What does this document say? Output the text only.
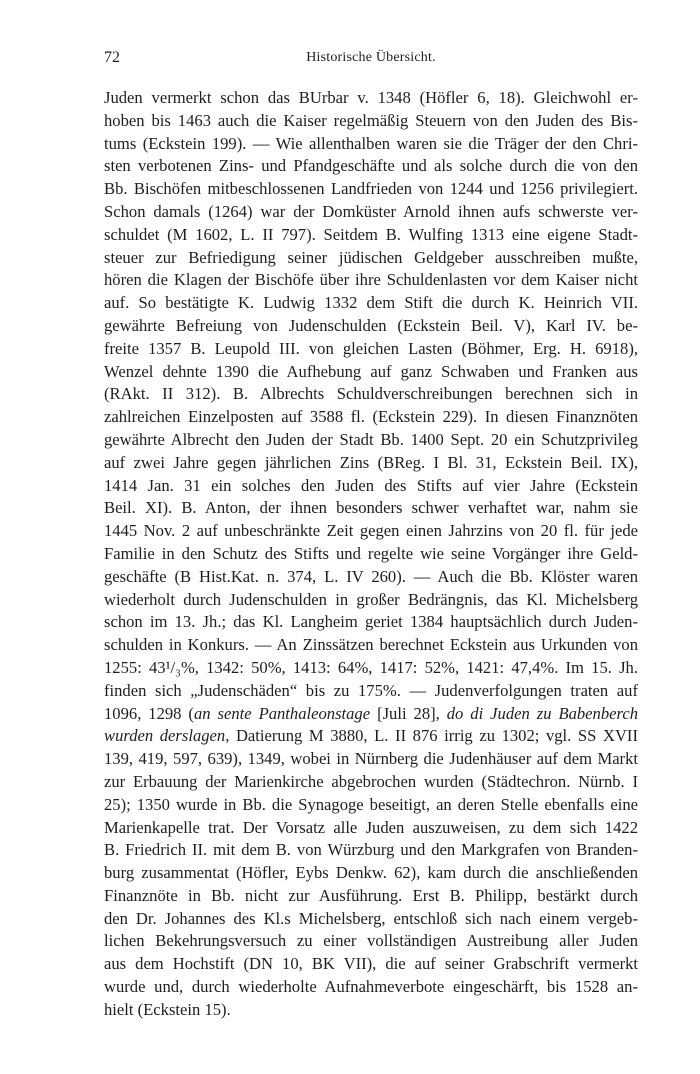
72	Historische Übersicht.
Juden vermerkt schon das BUrbar v. 1348 (Höfler 6, 18). Gleichwohl er-
hoben bis 1463 auch die Kaiser regelmäßig Steuern von den Juden des Bis-
tums (Eckstein 199). — Wie allenthalben waren sie die Träger der den Chri-
sten verbotenen Zins- und Pfandgeschäfte und als solche durch die von den
Bb. Bischöfen mitbeschlossenen Landfrieden von 1244 und 1256 privilegiert.
Schon damals (1264) war der Domküster Arnold ihnen aufs schwerste ver-
schuldet (M 1602, L. II 797). Seitdem B. Wulfing 1313 eine eigene Stadt-
steuer zur Befriedigung seiner jüdischen Geldgeber ausschreiben mußte,
hören die Klagen der Bischöfe über ihre Schuldenlasten vor dem Kaiser nicht
auf. So bestätigte K. Ludwig 1332 dem Stift die durch K. Heinrich VII.
gewährte Befreiung von Judenschulden (Eckstein Beil. V), Karl IV. be-
freite 1357 B. Leupold III. von gleichen Lasten (Böhmer, Erg. H. 6918),
Wenzel dehnte 1390 die Aufhebung auf ganz Schwaben und Franken aus
(RAkt. II 312). B. Albrechts Schuldverschreibungen berechnen sich in
zahlreichen Einzelposten auf 3588 fl. (Eckstein 229). In diesen Finanznöten
gewährte Albrecht den Juden der Stadt Bb. 1400 Sept. 20 ein Schutzprivileg
auf zwei Jahre gegen jährlichen Zins (BReg. I Bl. 31, Eckstein Beil. IX),
1414 Jan. 31 ein solches den Juden des Stifts auf vier Jahre (Eckstein
Beil. XI). B. Anton, der ihnen besonders schwer verhaftet war, nahm sie
1445 Nov. 2 auf unbeschränkte Zeit gegen einen Jahrzins von 20 fl. für jede
Familie in den Schutz des Stifts und regelte wie seine Vorgänger ihre Geld-
geschäfte (B Hist.Kat. n. 374, L. IV 260). — Auch die Bb. Klöster waren
wiederholt durch Judenschulden in großer Bedrängnis, das Kl. Michelsberg
schon im 13. Jh.; das Kl. Langheim geriet 1384 hauptsächlich durch Juden-
schulden in Konkurs. — An Zinssätzen berechnet Eckstein aus Urkunden von
1255: 43¹/₃%, 1342: 50%, 1413: 64%, 1417: 52%, 1421: 47,4%. Im 15. Jh.
finden sich „Judenschäden“ bis zu 175%. — Judenverfolgungen traten auf
1096, 1298 (an sente Panthaleonstage [Juli 28], do di Juden zu Babenberch
wurden derslagen, Datierung M 3880, L. II 876 irrig zu 1302; vgl. SS XVII
139, 419, 597, 639), 1349, wobei in Nürnberg die Judenhäuser auf dem Markt
zur Erbauung der Marienkirche abgebrochen wurden (Städtechron. Nürnb. I
25); 1350 wurde in Bb. die Synagoge beseitigt, an deren Stelle ebenfalls eine
Marienkapelle trat. Der Vorsatz alle Juden auszuweisen, zu dem sich 1422
B. Friedrich II. mit dem B. von Würzburg und den Markgrafen von Branden-
burg zusammentat (Höfler, Eybs Denkw. 62), kam durch die anschließenden
Finanznöte in Bb. nicht zur Ausführung. Erst B. Philipp, bestärkt durch
den Dr. Johannes des Kl.s Michelsberg, entschloß sich nach einem vergeb-
lichen Bekehrungsversuch zu einer vollständigen Austreibung aller Juden
aus dem Hochstift (DN 10, BK VII), die auf seiner Grabschrift vermerkt
wurde und, durch wiederholte Aufnahmeverbote eingeschärft, bis 1528 an-
hielt (Eckstein 15).
